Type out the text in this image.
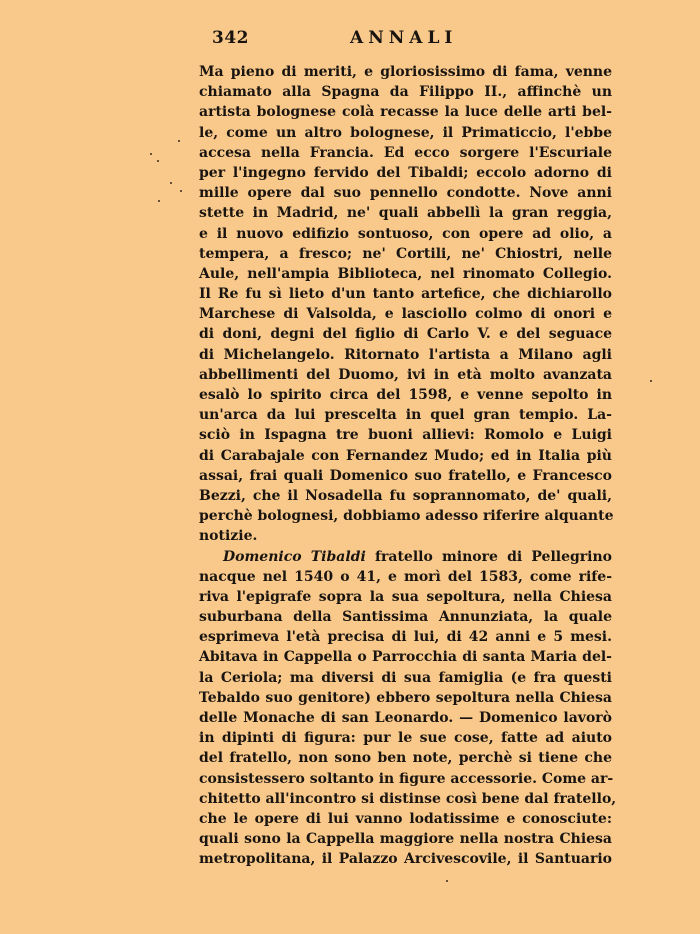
342	ANNALI
Ma pieno di meriti, e gloriosissimo di fama, venne
chiamato alla Spagna da Filippo II., affinchè un
artista bolognese colà recasse la luce delle arti bel-
le, come un altro bolognese, il Primaticcio, l'ebbe
accesa nella Francia. Ed ecco sorgere l'Escuriale
per l'ingegno fervido del Tibaldi; eccolo adorno di
mille opere dal suo pennello condotte. Nove anni
stette in Madrid, ne' quali abbellì la gran reggia,
e il nuovo edifizio sontuoso, con opere ad olio, a
tempera, a fresco; ne' Cortili, ne' Chiostri, nelle
Aule, nell'ampia Biblioteca, nel rinomato Collegio.
Il Re fu sì lieto d'un tanto artefice, che dichiarollo
Marchese di Valsolda, e lasciollo colmo di onori e
di doni, degni del figlio di Carlo V. e del seguace
di Michelangelo. Ritornato l'artista a Milano agli
abbellimenti del Duomo, ivi in età molto avanzata
esalò lo spirito circa del 1598, e venne sepolto in
un'arca da lui prescelta in quel gran tempio. La-
sciò in Ispagna tre buoni allievi: Romolo e Luigi
di Carabajale con Fernandez Mudo; ed in Italia più
assai, frai quali Domenico suo fratello, e Francesco
Bezzi, che il Nosadella fu soprannomato, de' quali,
perchè bolognesi, dobbiamo adesso riferire alquante
notizie.
Domenico Tibaldi fratello minore di Pellegrino
nacque nel 1540 o 41, e morì del 1583, come rife-
riva l'epigrafe sopra la sua sepoltura, nella Chiesa
suburbana della Santissima Annunziata, la quale
esprimeva l'età precisa di lui, di 42 anni e 5 mesi.
Abitava in Cappella o Parrocchia di santa Maria del-
la Ceriola; ma diversi di sua famiglia (e fra questi
Tebaldo suo genitore) ebbero sepoltura nella Chiesa
delle Monache di san Leonardo. — Domenico lavorò
in dipinti di figura: pur le sue cose, fatte ad aiuto
del fratello, non sono ben note, perchè si tiene che
consistessero soltanto in figure accessorie. Come ar-
chitetto all'incontro si distinse così bene dal fratello,
che le opere di lui vanno lodatissime e conosciute:
quali sono la Cappella maggiore nella nostra Chiesa
metropolitana, il Palazzo Arcivescovile, il Santuario
